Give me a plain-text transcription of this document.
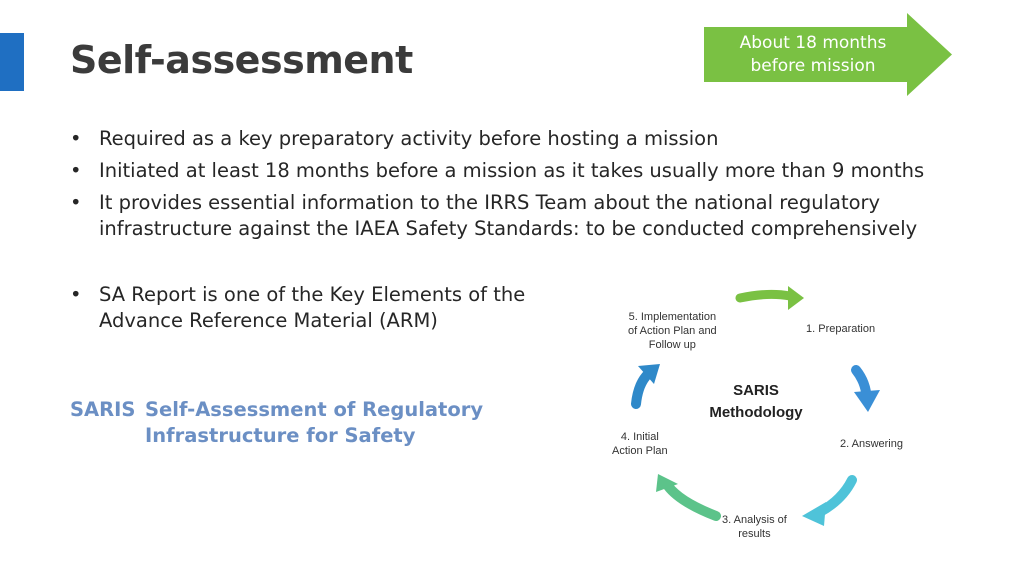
Self-assessment	About 18 months
before mission
• Required as a key preparatory activity before hosting a mission
• Initiated at least 18 months before a mission as it takes usually more than 9 months
• It provides essential information to the IRRS Team about the national regulatory infrastructure against the IAEA Safety Standards: to be conducted comprehensively
• SA Report is one of the Key Elements of the Advance Reference Material (ARM)
SARIS Self-Assessment of Regulatory
Infrastructure for Safety
SARIS
Methodology
1. Preparation
2. Answering
3. Analysis of
results
4. Initial
Action Plan
5. Implementation
of Action Plan and
Follow up
